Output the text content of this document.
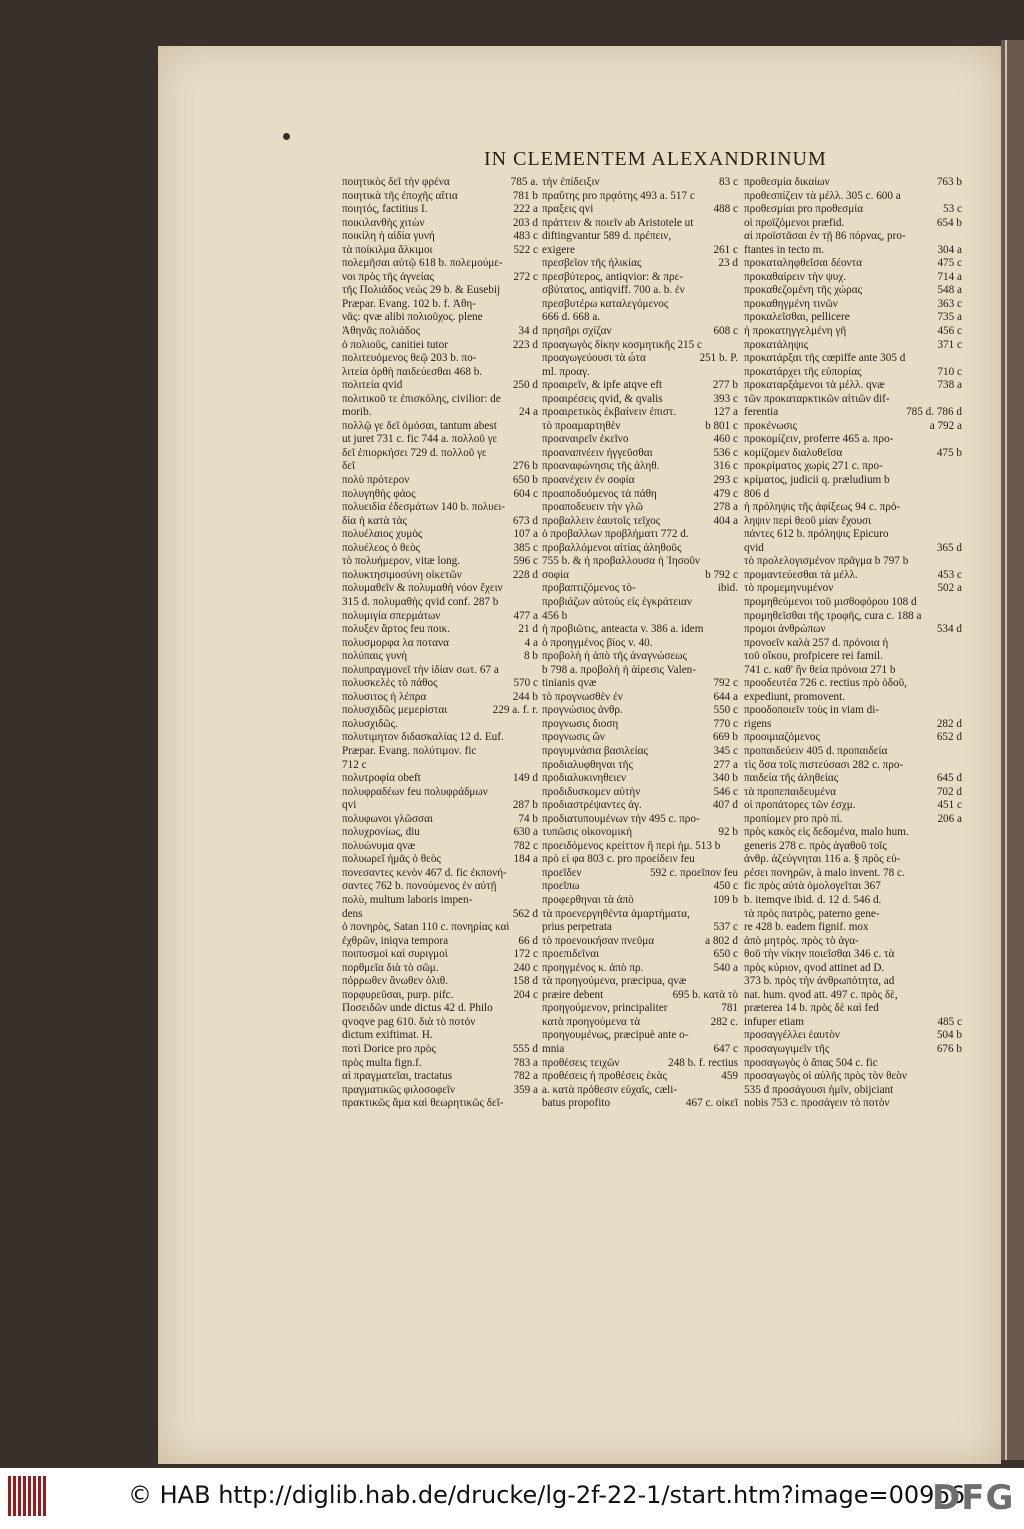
IN CLEMENTEM ALEXANDRINUM
ποιητικὸς δεῖ τὴν φρένα	785 a.
ποιητικὰ τῆς ἐποχῆς αἴτια	781 b
ποιητός, factitius I.	222 a
ποικιλανθὴς χιτὼν	203 d
ποικίλη ἡ αἰδία γυνή	483 c
τὰ ποίκιλμα ἄλκιμοι	522 c
πολεμῆσαι αὐτῷ 618 b. πολεμούμε-
νοι πρὸς τῆς ἀγνείας	272 c
τῆς Πολιάδος νεὼς 29 b. & Eusebij
Præpar. Evang. 102 b. f. Ἀθη-
νᾶς: qvæ alibi πολιοῦχος. plene
Ἀθηνᾶς πολιάδος	34 d
ὁ πολιοῦς, canitiei tutor	223 d
πολιτευόμενος θεῷ 203 b. πο-
λιτεία ὀρθὴ παιδεύεσθαι 468 b.
πολιτεία qvid	250 d
πολιτικοῦ τε ἐπισκόλης, civilior: de
morib.	24 a
πολλῷ γε δεῖ ὀμόσαι, tantum abest
ut juret 731 c. fic 744 a. πολλοῦ γε
δεῖ ἐπιορκήσει 729 d. πολλοῦ γε
δεῖ	276 b
πολὺ πρότερον	650 b
πολυγηθὴς φάος	604 c
πολυειδία ἐδεσμάτων 140 b. πολυει-
δία ἡ κατὰ τὰς	673 d
πολυέλαιος χυμὸς	107 a
πολυέλεος ὁ θεὸς	385 c
τὸ πολυήμερον, vitæ long.	596 c
πολυκτησιμοσύνη οἰκετῶν	228 d
πολυμαθεῖν & πολυμαθὴ νόον ἔχειν
315 d. πολυμαθὴς qvid conf. 287 b
πολυμιγία σπερμάτων	477 a
πολυξεν ἄρτος feu ποικ.	21 d
πολυσμορφα λα ποτανα	4 a
πολύπαις γυνὴ	8 b
πολυπραγμονεῖ τὴν ἰδίαν σωτ. 67 a
πολυσκελὲς τὸ πάθος	570 c
πολυσιτος ἡ λέπρα	244 b
πολυσχιδῶς μεμερίσται	229 a. f. r.
πολυσχιδῶς.
πολυτιμητον διδασκαλίας 12 d. Euf.
Præpar. Evang. πολύτιμον. fic
712 c
πολυτροφία obeft	149 d
πολυφραδέων feu πολυφράδμων
qvi	287 b
πολυφωνοι γλῶσσαι	74 b
πολυχρονίως, diu	630 a
πολυώνυμα qvæ	782 c
πολυωρεῖ ἡμᾶς ὁ θεὸς	184 a
πονεσαντες κενὸν 467 d. fic ἐκπονή-
σαντες 762 b. πονούμενος ἐν αὐτῇ
πολὺ, multum laboris impen-
dens	562 d
ὁ πονηρὸς, Satan 110 c. πονηρίας καὶ
ἐχθρῶν, iniqva tempora	66 d
ποιπυσμοὶ καὶ συριγμοὶ	172 c
πορθμεῖα διὰ τὸ σῶμ.	240 c
πόρρωθεν ἄνωθεν ὀλιθ.	158 d
πορφυρεῦσαι, purp. pifc.	204 c
Ποσειδῶν unde dictus 42 d. Philo
qvoqve pag 610. διὰ τὸ ποτόν
dictum exiftimat. H.
ποτὶ Dorice pro πρὸς	555 d
πρὸς multa fign.f.	783 a
αἱ πραγματεῖαι, tractatus	782 a
πραγματικῶς φιλοσοφεῖν	359 a
πρακτικῶς ἅμα καὶ θεωρητικῶς δεῖ-
τὴν ἐπίδειξιν	83 c
πραΰτης pro πρᾳότης 493 a. 517 c
πραξεις qvi	488 c
πράττειν & ποιεῖν ab Aristotele ut
diftingvantur 589 d. πρέπειν,
exigere	261 c
πρεσβεῖον τῆς ἡλικίας	23 d
πρεσβύτερος, antiqvior: & πρε-
σβύτατος, antiqviff. 700 a. b. ἐν
πρεσβυτέρω καταλεγόμενος
666 d. 668 a.
πρησῆρι σχίζαν	608 c
προαγωγὸς δίκην κοσμητικῆς 215 c
προαγωγεύουσι τὰ ὦτα	251 b. P.
ml. προαγ.
προαιρεῖν, & ipfe atqve eft	277 b
προαιρέσεις qvid, & qvalis	393 c
προαιρετικὸς ἐκβαίνειν ἐπιστ.	127 a
τὸ προαμαρτηθὲν	b 801 c
προαναιρεῖν ἐκεῖνο	460 c
προαναπνέειν ἠγγεῦσθαι	536 c
προαναφώνησις τῆς ἀληθ.	316 c
προανέχειν ἐν σοφία	293 c
προαποδυόμενος τὰ πάθη	479 c
προαποδευειν τὴν γλῶ	278 a
προβαλλειν ἑαυτοῖς τεῖχος	404 a
ὁ προβαλλων προβλήματι 772 d.
προβαλλόμενοι αἰτίας ἀληθοῦς
755 b. & ἡ προβαλλουσα ἡ Ἰησοῦν
σοφία	b 792 c
προβαπτιζόμενος τὸ-	ibid.
προβιάζων αὐτοὺς εἰς ἐγκράτειαν
456 b
ἡ προβιῶτις, anteacta v. 386 a. idem
ὁ προηγμένος βίος v. 40.
προβολὴ ἡ ἀπὸ τῆς ἀναγνώσεως
b 798 a. προβολὴ ἡ ἀίρεσις Valen-
tinianis qvæ	792 c
τὸ προγνωσθὲν ἐν	644 a
προγνώσιος ἀνθρ.	550 c
προγνωσις διοση	770 c
προγνωσις ὢν	669 b
προγυμνάσια βασιλείας	345 c
προδιαλυφθηναι τῆς	277 a
προδιαλυκινηθειεν	340 b
προδιδυσκομεν αὐτὴν	546 c
προδιαστρέψαντες ἀγ.	407 d
προδιατυπουμένων τὴν 495 c. προ-
τυπῶσις οἰκονομικὴ	92 b
προειδόμενος κρείττον ἢ περὶ ἡμ. 513 b
πρὸ εἰ φα 803 c. pro προείδειν feu
προεῖδεν	592 c. προεῖπον feu
προεῖπω	450 c
προφερθηναι τὰ ἀπὸ	109 b
τὰ προενεργηθέντα ἁμαρτήματα,
prius perpetrata	537 c
τὸ προενοικήσαν πνεῦμα	a 802 d
προεπιδεῖναι	650 c
προηγμένος κ. ἀπὸ πρ.	540 a
τὰ προηγούμενα, præcipua, qvæ
præire debent	695 b. κατὰ τὸ
προηγούμενον, principaliter	781
κατὰ προηγούμενα τὰ	282 c.
προηγουμένως, præcipuè ante o-
mnia	647 c
προθέσεις τειχῶν	248 b. f. rectius
προθέσεις ἡ προθέσεις ἑκὰς	459
a. κατὰ πρόθεσιν εὐχαῖς, cæli-
batus propofito	467 c. οἰκεῖ
προθεσμία δικαίων	763 b
προθεσπίζειν τὰ μέλλ. 305 c. 600 a
προθεσμίαι pro προθεσμία	53 c
οἱ προϊζόμενοι præfid.	654 b
αἱ προϊστᾶσαι ἐν τῇ 86 πόρνας, pro-
ftantes in tecto m.	304 a
προκαταληφθεῖσαι δέοντα	475 c
προκαθαίρειν τὴν ψυχ.	714 a
προκαθεζομένη τῆς χώρας	548 a
προκαθηγμένη τινῶν	363 c
προκαλεῖσθαι, pellicere	735 a
ἡ προκατηγγελμένη γῆ	456 c
προκατάληψις	371 c
προκατάρξαι τῆς cœpiffe ante 305 d
προκατάρχει τῆς εὐπορίας	710 c
προκαταρξάμενοι τὰ μέλλ. qvæ	738 a
τῶν προκαταρκτικῶν αἰτιῶν dif-
ferentia	785 d. 786 d
προκένωσις	a 792 a
προκομίζειν, proferre 465 a. προ-
κομίζομεν διαλυθεῖσα	475 b
προκρίματος χωρὶς 271 c. προ-
κρίματος, judicii q. præludium b
806 d
ἡ πρόληψις τῆς ἀφίξεως 94 c. πρό-
ληψιν περὶ θεοῦ μίαν ἔχουσι
πάντες 612 b. πρόληψις Epicuro
qvid	365 d
τὸ προλελογισμένον πρᾶγμα b 797 b
προμαντεύεσθαι τὰ μέλλ.	453 c
τὸ προμεμηνυμένον	502 a
προμηθεύμενοι τοῦ μισθοφόρου 108 d
προμηθεῖσθαι τῆς τροφῆς, cura c. 188 a
προμοι ἀνθρώπων	534 d
προνοεῖν καλὰ 257 d. πρόνοια ἡ
τοῦ οἴκου, profpicere rei famil.
741 c. καθ' ἣν θεία πρόνοια 271 b
προοδευτέα 726 c. rectius πρὸ ὁδοῦ,
expediunt, promovent.
προοδοποιεῖν τοὺς in viam di-
rigens	282 d
προοιμιαζόμενος	652 d
προπαιδεύειν 405 d. προπαιδεία
τὶς ὅσα τοῖς πιστεύσασι 282 c. προ-
παιδεία τῆς ἀληθείας	645 d
τὰ προπεπαιδευμένα	702 d
οἱ προπάτορες τῶν ἐσχμ.	451 c
προπίομεν pro πρὸ πί.	206 a
πρὸς κακὸς εἰς δεδομένα, malo hum.
generis 278 c. πρὸς ἀγαθοῦ τοῖς
ἀνθρ. ἀζεύγνηται 116 a. § πρὸς εὐ-
ρέσει πονηρῶν, à malo invent. 78 c.
fic πρὸς αὐτὰ ὁμολογεῖται 367
b. itemqve ibid. d. 12 d. 546 d.
τὰ πρὸς πατρὸς, paterno gene-
re 428 b. eadem fignif. mox
ἀπὸ μητρὸς. πρὸς τὸ ἀγα-
θοῦ τὴν νίκην ποιεῖσθαι 346 c. τὰ
πρὸς κύριον, qvod attinet ad D.
373 b. πρὸς τὴν ἀνθρωπότητα, ad
nat. hum. qvod att. 497 c. πρὸς δὲ,
præterea 14 b. πρὸς δὲ καὶ fed
infuper etiam	485 c
προσαγγέλλει ἑαυτὸν	504 b
προσαγωγιμεῖν τῆς	676 b
προσαγωγὸς ὁ ἅπας 504 c. fic
προσαγωγὸς οἱ αὐλῆς πρὸς τὸν θεὸν
535 d προσάγουσι ἡμῖν, obijciant
nobis 753 c. προσάγειν τὸ ποτὸν
© HAB http://diglib.hab.de/drucke/lg-2f-22-1/start.htm?image=00966
DFG
